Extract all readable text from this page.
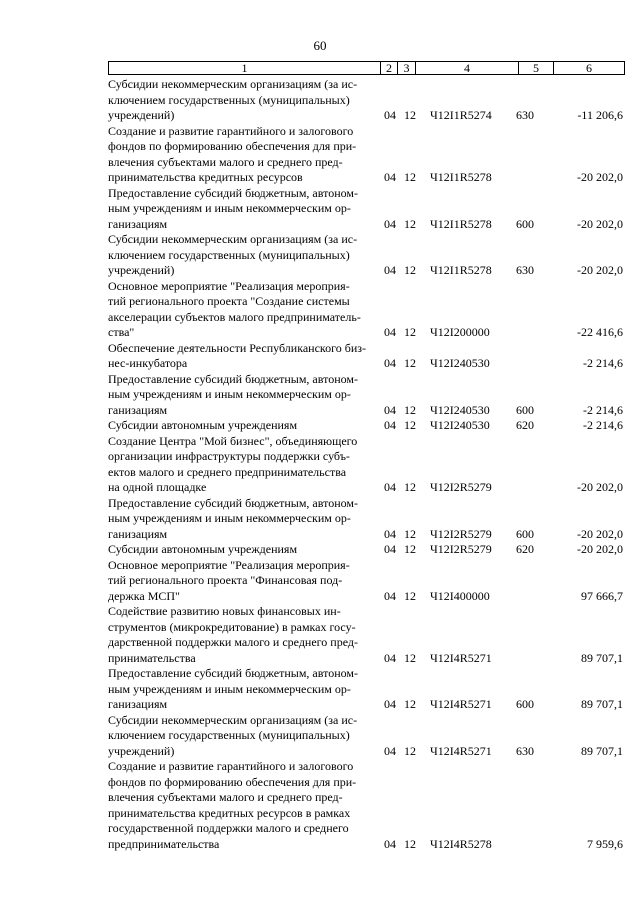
60
1	2 3	4	5	6
Субсидии некоммерческим организациям (за ис-
ключением государственных (муниципальных)
учреждений)	04 12 Ч12I1R5274 630	-11 206,6
Создание и развитие гарантийного и залогового
фондов по формированию обеспечения для при-
влечения субъектами малого и среднего пред-
принимательства кредитных ресурсов	04 12 Ч12I1R5278	-20 202,0
Предоставление субсидий бюджетным, автоном-
ным учреждениям и иным некоммерческим ор-
ганизациям	04 12 Ч12I1R5278 600	-20 202,0
Субсидии некоммерческим организациям (за ис-
ключением государственных (муниципальных)
учреждений)	04 12 Ч12I1R5278 630	-20 202,0
Основное мероприятие "Реализация мероприя-
тий регионального проекта "Создание системы
акселерации субъектов малого предприниматель-
ства"	04 12 Ч12I200000	-22 416,6
Обеспечение деятельности Республиканского биз-
нес-инкубатора	04 12 Ч12I240530	-2 214,6
Предоставление субсидий бюджетным, автоном-
ным учреждениям и иным некоммерческим ор-
ганизациям	04 12 Ч12I240530 600	-2 214,6
Субсидии автономным учреждениям	04 12 Ч12I240530 620	-2 214,6
Создание Центра "Мой бизнес", объединяющего
организации инфраструктуры поддержки субъ-
ектов малого и среднего предпринимательства
на одной площадке	04 12 Ч12I2R5279	-20 202,0
Предоставление субсидий бюджетным, автоном-
ным учреждениям и иным некоммерческим ор-
ганизациям	04 12 Ч12I2R5279 600	-20 202,0
Субсидии автономным учреждениям	04 12 Ч12I2R5279 620	-20 202,0
Основное мероприятие "Реализация мероприя-
тий регионального проекта "Финансовая под-
держка МСП"	04 12 Ч12I400000	97 666,7
Содействие развитию новых финансовых ин-
струментов (микрокредитование) в рамках госу-
дарственной поддержки малого и среднего пред-
принимательства	04 12 Ч12I4R5271	89 707,1
Предоставление субсидий бюджетным, автоном-
ным учреждениям и иным некоммерческим ор-
ганизациям	04 12 Ч12I4R5271 600	89 707,1
Субсидии некоммерческим организациям (за ис-
ключением государственных (муниципальных)
учреждений)	04 12 Ч12I4R5271 630	89 707,1
Создание и развитие гарантийного и залогового
фондов по формированию обеспечения для при-
влечения субъектами малого и среднего пред-
принимательства кредитных ресурсов в рамках
государственной поддержки малого и среднего
предпринимательства	04 12 Ч12I4R5278	7 959,6
